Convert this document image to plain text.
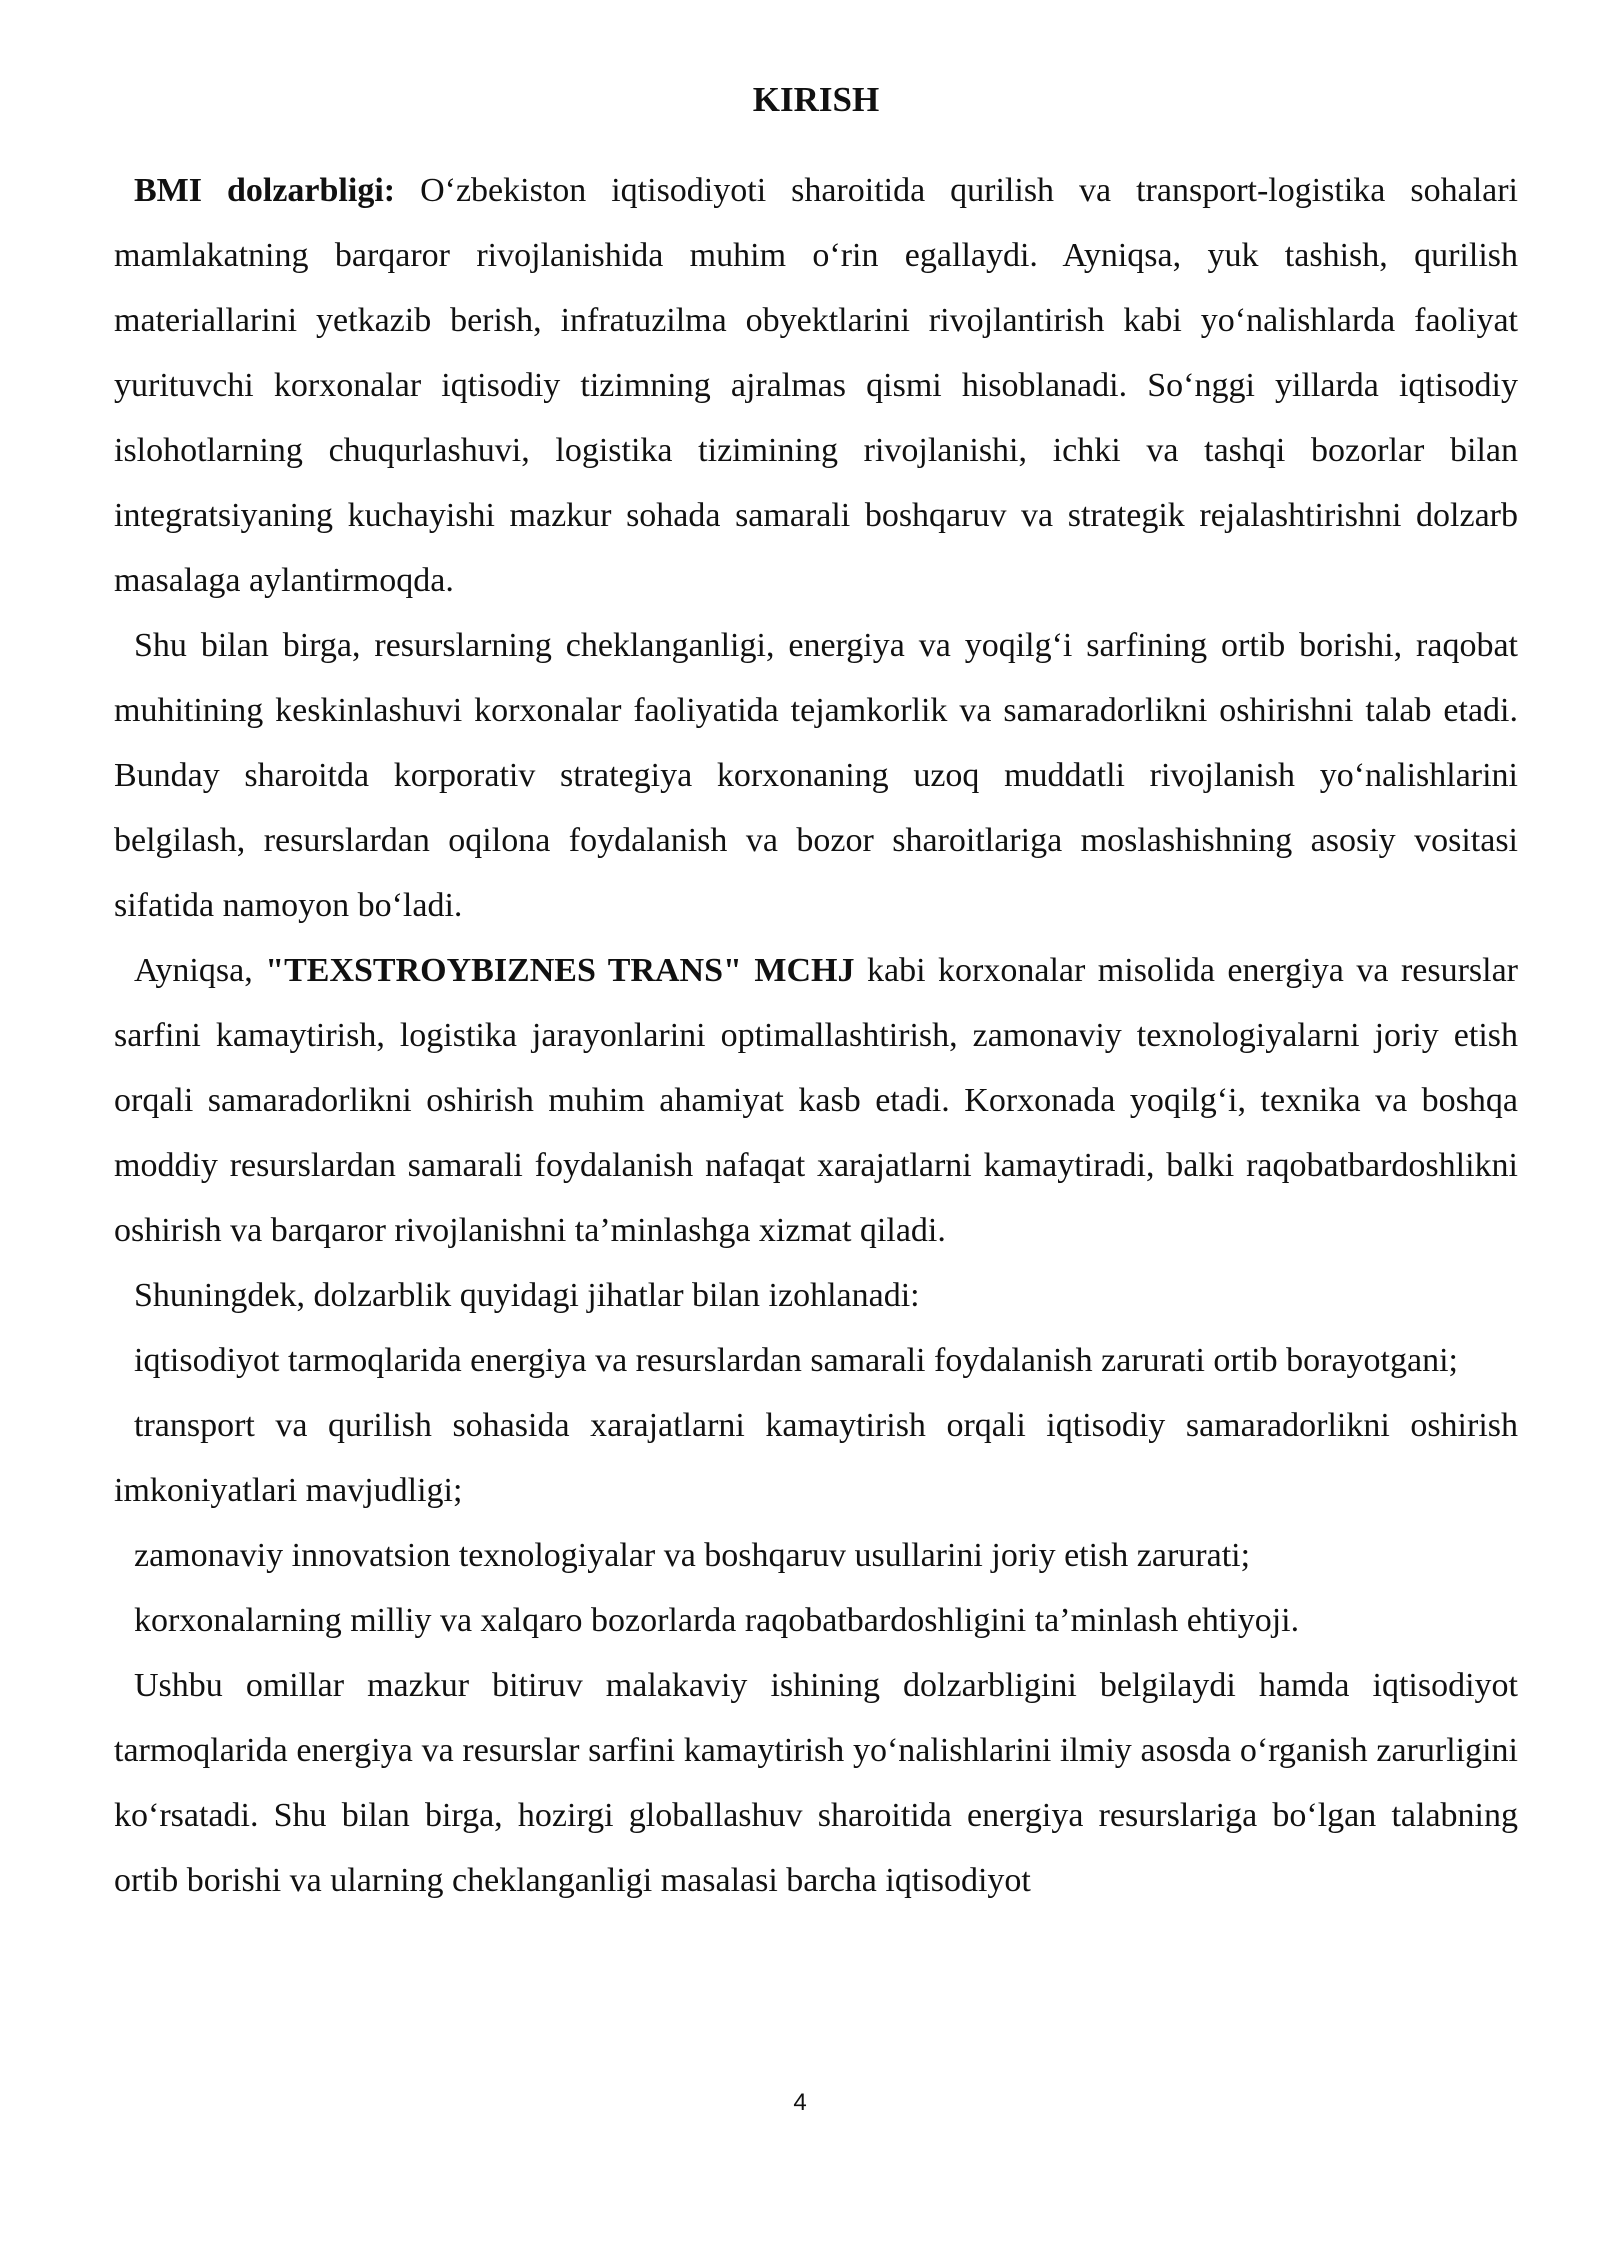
KIRISH

BMI dolzarbligi: O‘zbekiston iqtisodiyoti sharoitida qurilish va transport-logistika sohalari mamlakatning barqaror rivojlanishida muhim o‘rin egallaydi. Ayniqsa, yuk tashish, qurilish materiallarini yetkazib berish, infratuzilma obyektlarini rivojlantirish kabi yo‘nalishlarda faoliyat yurituvchi korxonalar iqtisodiy tizimning ajralmas qismi hisoblanadi. So‘nggi yillarda iqtisodiy islohotlarning chuqurlashuvi, logistika tizimining rivojlanishi, ichki va tashqi bozorlar bilan integratsiyaning kuchayishi mazkur sohada samarali boshqaruv va strategik rejalashtirishni dolzarb masalaga aylantirmoqda.

Shu bilan birga, resurslarning cheklanganligi, energiya va yoqilg‘i sarfining ortib borishi, raqobat muhitining keskinlashuvi korxonalar faoliyatida tejamkorlik va samaradorlikni oshirishni talab etadi. Bunday sharoitda korporativ strategiya korxonaning uzoq muddatli rivojlanish yo‘nalishlarini belgilash, resurslardan oqilona foydalanish va bozor sharoitlariga moslashishning asosiy vositasi sifatida namoyon bo‘ladi.

Ayniqsa, "TEXSTROYBIZNES TRANS" MCHJ kabi korxonalar misolida energiya va resurslar sarfini kamaytirish, logistika jarayonlarini optimallashtirish, zamonaviy texnologiyalarni joriy etish orqali samaradorlikni oshirish muhim ahamiyat kasb etadi. Korxonada yoqilg‘i, texnika va boshqa moddiy resurslardan samarali foydalanish nafaqat xarajatlarni kamaytiradi, balki raqobatbardoshlikni oshirish va barqaror rivojlanishni ta’minlashga xizmat qiladi.

Shuningdek, dolzarblik quyidagi jihatlar bilan izohlanadi:

iqtisodiyot tarmoqlarida energiya va resurslardan samarali foydalanish zarurati ortib borayotgani;

transport va qurilish sohasida xarajatlarni kamaytirish orqali iqtisodiy samaradorlikni oshirish imkoniyatlari mavjudligi;

zamonaviy innovatsion texnologiyalar va boshqaruv usullarini joriy etish zarurati;

korxonalarning milliy va xalqaro bozorlarda raqobatbardoshligini ta’minlash ehtiyoji.

Ushbu omillar mazkur bitiruv malakaviy ishining dolzarbligini belgilaydi hamda iqtisodiyot tarmoqlarida energiya va resurslar sarfini kamaytirish yo‘nalishlarini ilmiy asosda o‘rganish zarurligini ko‘rsatadi. Shu bilan birga, hozirgi globallashuv sharoitida energiya resurslariga bo‘lgan talabning ortib borishi va ularning cheklanganligi masalasi barcha iqtisodiyot

4
